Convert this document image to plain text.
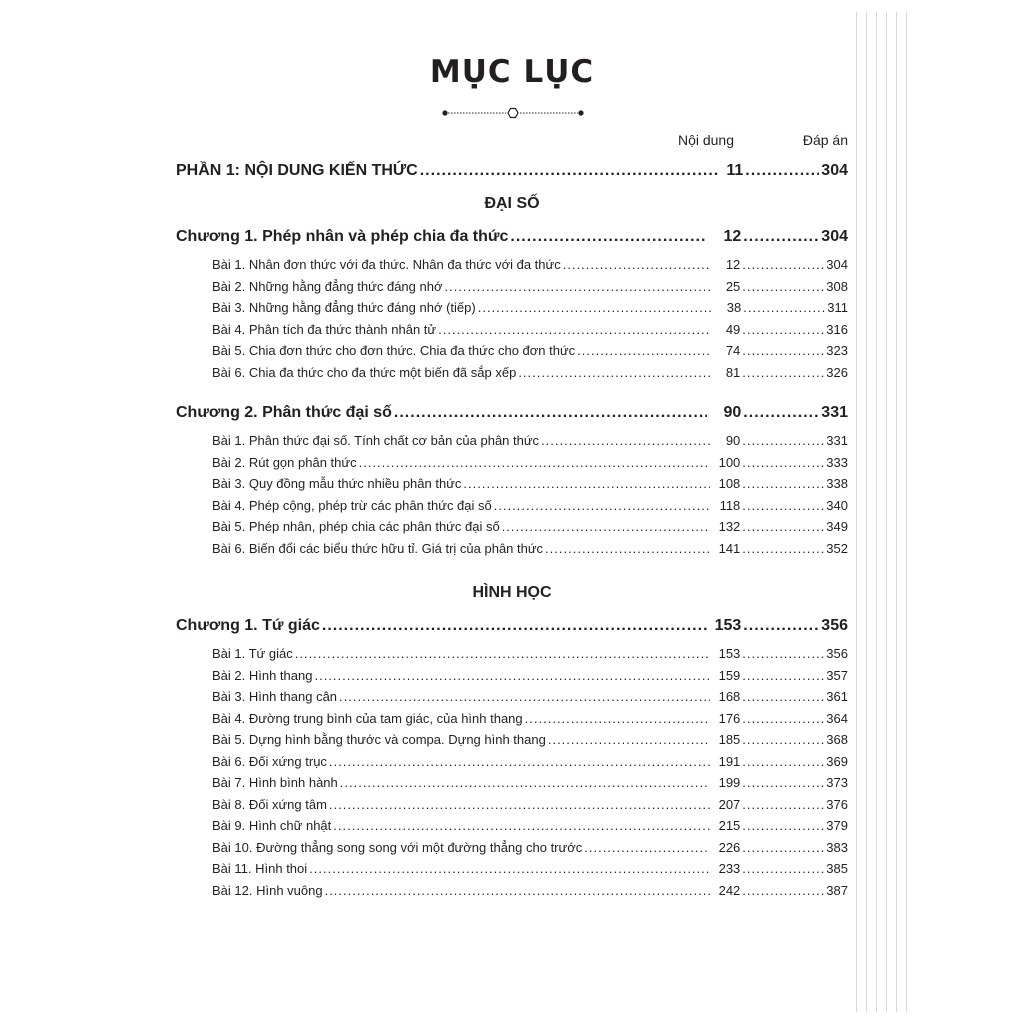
MỤC LỤC
Nội dung	Đáp án
PHẦN 1: NỘI DUNG KIẾN THỨC .....	11 .....	304
ĐẠI SỐ
Chương 1. Phép nhân và phép chia đa thức .....	12 .....	304
Bài 1. Nhân đơn thức với đa thức. Nhân đa thức với đa thức .....	12 .....	304
Bài 2. Những hằng đẳng thức đáng nhớ .....	25 .....	308
Bài 3. Những hằng đẳng thức đáng nhớ (tiếp) .....	38 .....	311
Bài 4. Phân tích đa thức thành nhân tử .....	49 .....	316
Bài 5. Chia đơn thức cho đơn thức. Chia đa thức cho đơn thức .....	74 .....	323
Bài 6. Chia đa thức cho đa thức một biến đã sắp xếp .....	81 .....	326
Chương 2. Phân thức đại số .....	90 .....	331
Bài 1. Phân thức đại số. Tính chất cơ bản của phân thức .....	90 .....	331
Bài 2. Rút gọn phân thức .....	100 .....	333
Bài 3. Quy đồng mẫu thức nhiều phân thức .....	108 .....	338
Bài 4. Phép cộng, phép trừ các phân thức đại số .....	118 .....	340
Bài 5. Phép nhân, phép chia các phân thức đại số .....	132 .....	349
Bài 6. Biến đổi các biểu thức hữu tỉ. Giá trị của phân thức .....	141 .....	352
HÌNH HỌC
Chương 1. Tứ giác .....	153 .....	356
Bài 1. Tứ giác .....	153 .....	356
Bài 2. Hình thang .....	159 .....	357
Bài 3. Hình thang cân .....	168 .....	361
Bài 4. Đường trung bình của tam giác, của hình thang .....	176 .....	364
Bài 5. Dựng hình bằng thước và compa. Dựng hình thang .....	185 .....	368
Bài 6. Đối xứng trục .....	191 .....	369
Bài 7. Hình bình hành .....	199 .....	373
Bài 8. Đối xứng tâm .....	207 .....	376
Bài 9. Hình chữ nhật .....	215 .....	379
Bài 10. Đường thẳng song song với một đường thẳng cho trước .....	226 .....	383
Bài 11. Hình thoi .....	233 .....	385
Bài 12. Hình vuông .....	242 .....	387
